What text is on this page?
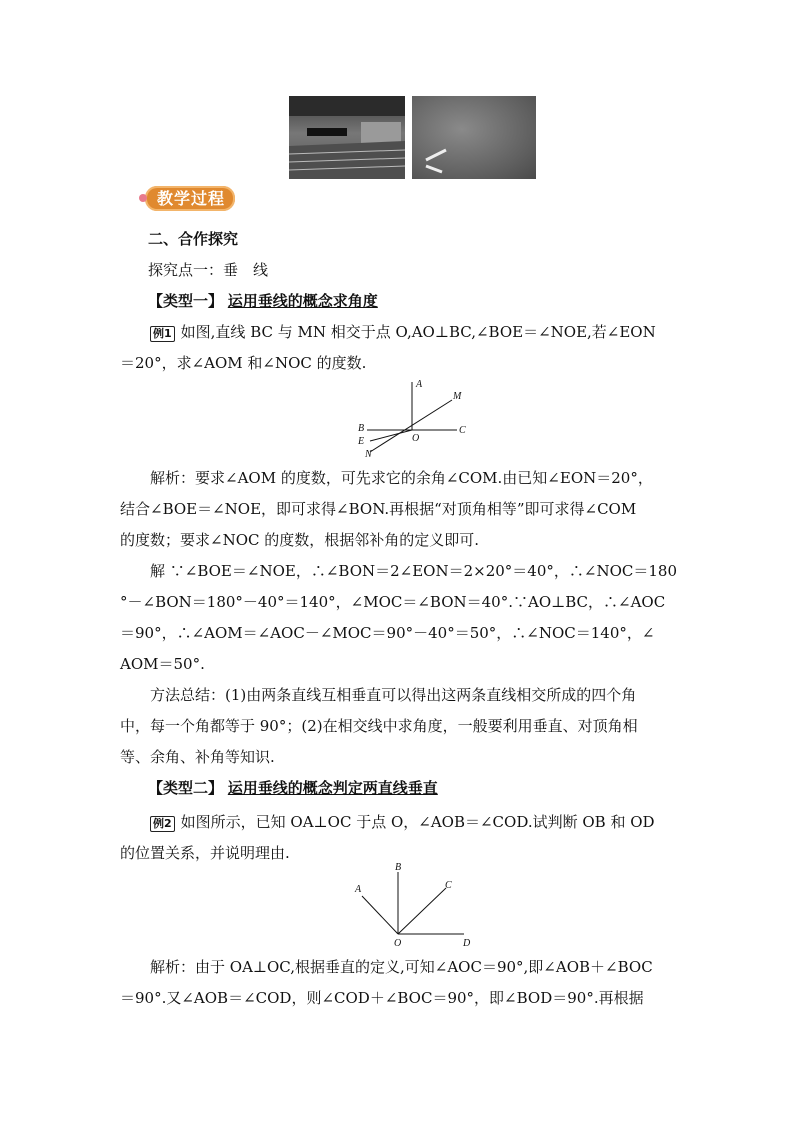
教学过程
二、合作探究
探究点一：垂　线
【类型一】 运用垂线的概念求角度
例1 如图,直线 BC 与 MN 相交于点 O,AO⊥BC,∠BOE＝∠NOE,若∠EON
＝20°，求∠AOM 和∠NOC 的度数.
A
M
B
E
N
O
C
解析：要求∠AOM 的度数，可先求它的余角∠COM.由已知∠EON＝20°，
结合∠BOE＝∠NOE，即可求得∠BON.再根据“对顶角相等”即可求得∠COM
的度数；要求∠NOC 的度数，根据邻补角的定义即可.
解 ∵∠BOE＝∠NOE，∴∠BON＝2∠EON＝2×20°＝40°，∴∠NOC＝180
°－∠BON＝180°－40°＝140°，∠MOC＝∠BON＝40°.∵AO⊥BC，∴∠AOC
＝90°，∴∠AOM＝∠AOC－∠MOC＝90°－40°＝50°，∴∠NOC＝140°，∠
AOM＝50°.
方法总结：(1)由两条直线互相垂直可以得出这两条直线相交所成的四个角
中，每一个角都等于 90°；(2)在相交线中求角度，一般要利用垂直、对顶角相
等、余角、补角等知识.
【类型二】 运用垂线的概念判定两直线垂直
例2 如图所示，已知 OA⊥OC 于点 O，∠AOB＝∠COD.试判断 OB 和 OD
的位置关系，并说明理由.
B
A	C
O	D
解析：由于 OA⊥OC,根据垂直的定义,可知∠AOC＝90°,即∠AOB＋∠BOC
＝90°.又∠AOB＝∠COD，则∠COD＋∠BOC＝90°，即∠BOD＝90°.再根据
